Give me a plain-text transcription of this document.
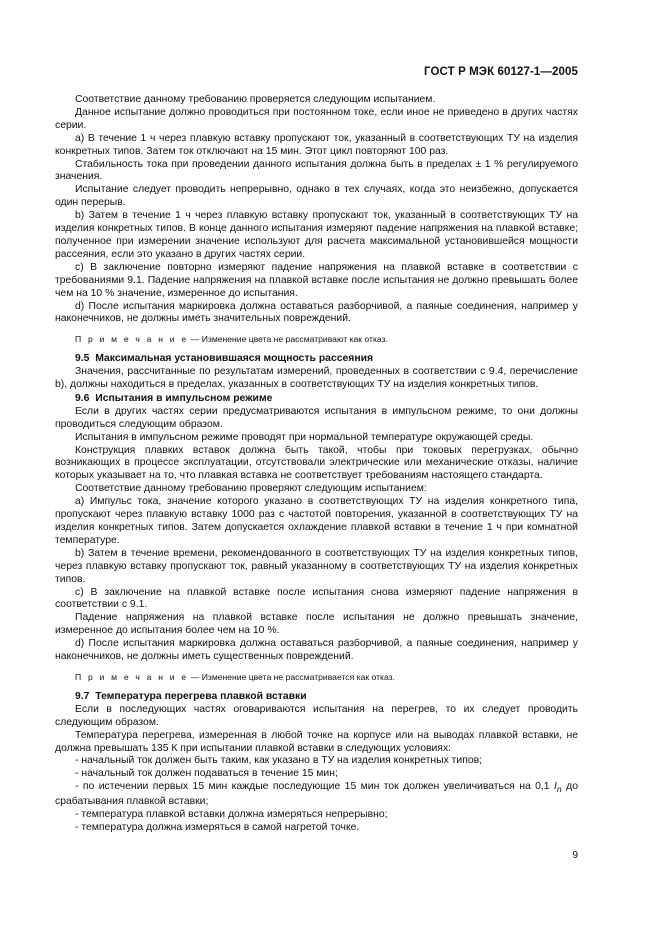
ГОСТ Р МЭК 60127-1—2005

Соответствие данному требованию проверяется следующим испытанием.

Данное испытание должно проводиться при постоянном токе, если иное не приведено в других частях серии.

a) В течение 1 ч через плавкую вставку пропускают ток, указанный в соответствующих ТУ на изделия конкретных типов. Затем ток отключают на 15 мин. Этот цикл повторяют 100 раз.

Стабильность тока при проведении данного испытания должна быть в пределах ± 1 % регулируемого значения.

Испытание следует проводить непрерывно, однако в тех случаях, когда это неизбежно, допускается один перерыв.

b) Затем в течение 1 ч через плавкую вставку пропускают ток, указанный в соответствующих ТУ на изделия конкретных типов. В конце данного испытания измеряют падение напряжения на плавкой вставке; полученное при измерении значение используют для расчета максимальной установившейся мощности рассеяния, если это указано в других частях серии.

c) В заключение повторно измеряют падение напряжения на плавкой вставке в соответствии с требованиями 9.1. Падение напряжения на плавкой вставке после испытания не должно превышать более чем на 10 % значение, измеренное до испытания.

d) После испытания маркировка должна оставаться разборчивой, а паяные соединения, например у наконечников, не должны иметь значительных повреждений.

П р и м е ч а н и е — Изменение цвета не рассматривают как отказ.

9.5 Максимальная установившаяся мощность рассеяния

Значения, рассчитанные по результатам измерений, проведенных в соответствии с 9.4, перечисление b), должны находиться в пределах, указанных в соответствующих ТУ на изделия конкретных типов.

9.6 Испытания в импульсном режиме

Если в других частях серии предусматриваются испытания в импульсном режиме, то они должны проводиться следующим образом.

Испытания в импульсном режиме проводят при нормальной температуре окружающей среды.

Конструкция плавких вставок должна быть такой, чтобы при токовых перегрузках, обычно возникающих в процессе эксплуатации, отсутствовали электрические или механические отказы, наличие которых указывает на то, что плавкая вставка не соответствует требованиям настоящего стандарта.

Соответствие данному требованию проверяют следующим испытанием:

a) Импульс тока, значение которого указано в соответствующих ТУ на изделия конкретного типа, пропускают через плавкую вставку 1000 раз с частотой повторения, указанной в соответствующих ТУ на изделия конкретных типов. Затем допускается охлаждение плавкой вставки в течение 1 ч при комнатной температуре.

b) Затем в течение времени, рекомендованного в соответствующих ТУ на изделия конкретных типов, через плавкую вставку пропускают ток, равный указанному в соответствующих ТУ на изделия конкретных типов.

c) В заключение на плавкой вставке после испытания снова измеряют падение напряжения в соответствии с 9.1.

Падение напряжения на плавкой вставке после испытания не должно превышать значение, измеренное до испытания более чем на 10 %.

d) После испытания маркировка должна оставаться разборчивой, а паяные соединения, например у наконечников, не должны иметь существенных повреждений.

П р и м е ч а н и е — Изменение цвета не рассматривается как отказ.

9.7 Температура перегрева плавкой вставки

Если в последующих частях оговариваются испытания на перегрев, то их следует проводить следующим образом.

Температура перегрева, измеренная в любой точке на корпусе или на выводах плавкой вставки, не должна превышать 135 К при испытании плавкой вставки в следующих условиях:

- начальный ток должен быть таким, как указано в ТУ на изделия конкретных типов;

- начальный ток должен подаваться в течение 15 мин;

- по истечении первых 15 мин каждые последующие 15 мин ток должен увеличиваться на 0,1 $I_n$ до срабатывания плавкой вставки;

- температура плавкой вставки должна измеряться непрерывно;

- температура должна измеряться в самой нагретой точке.

9
